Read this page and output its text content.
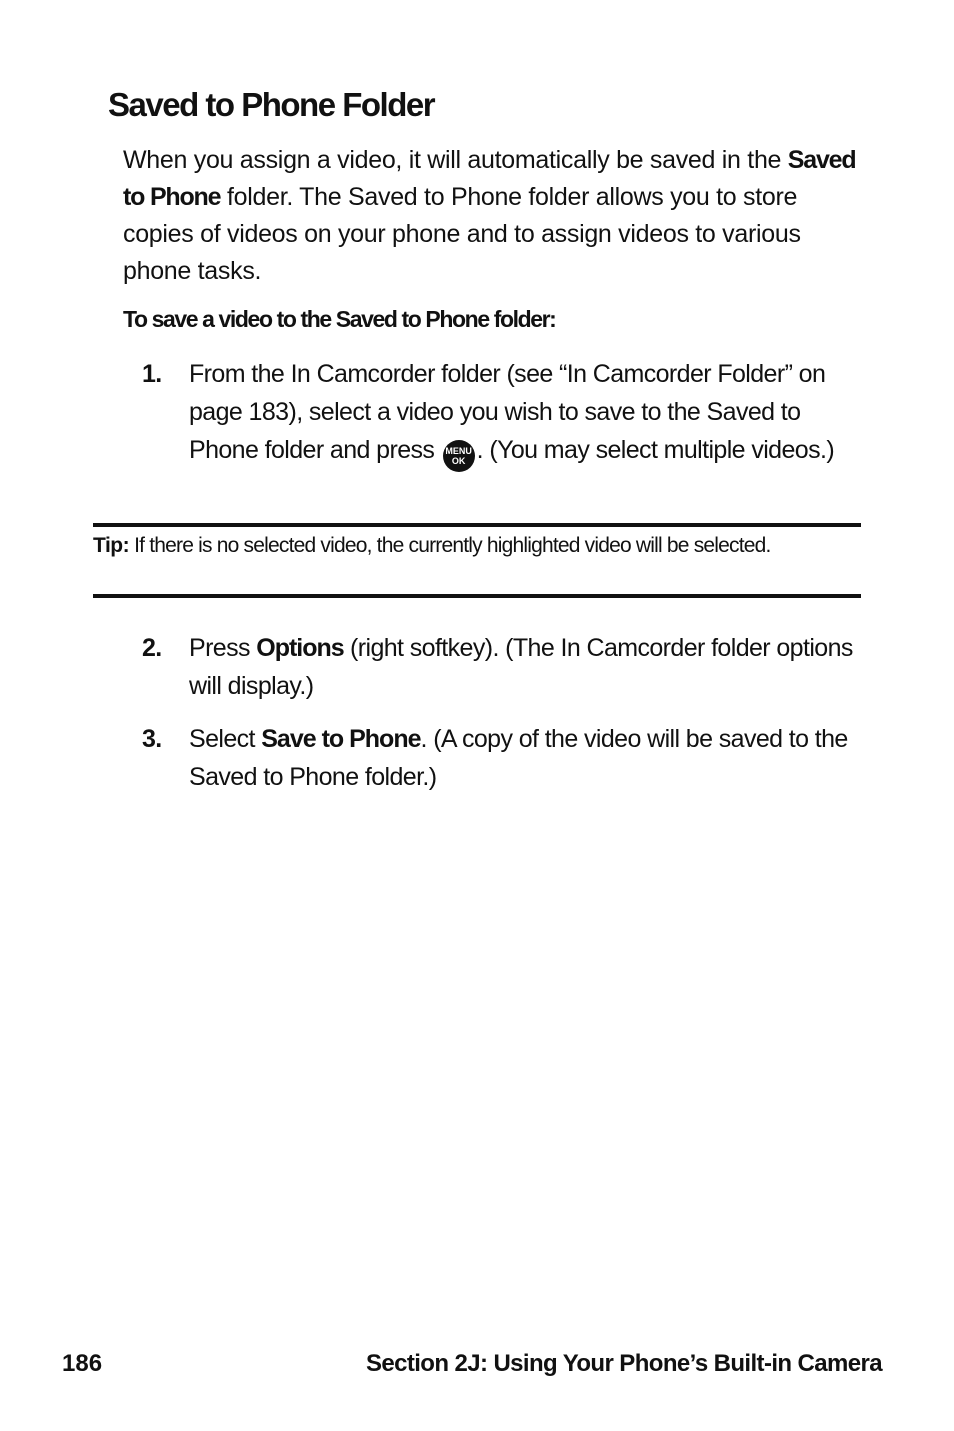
Saved to Phone Folder

When you assign a video, it will automatically be saved in the Saved to Phone folder. The Saved to Phone folder allows you to store copies of videos on your phone and to assign videos to various phone tasks.

To save a video to the Saved to Phone folder:

1. From the In Camcorder folder (see “In Camcorder Folder” on page 183), select a video you wish to save to the Saved to Phone folder and press MENU
OK . (You may select multiple videos.)

Tip: If there is no selected video, the currently highlighted video will be selected.

2. Press Options (right softkey). (The In Camcorder folder options will display.)
3. Select Save to Phone. (A copy of the video will be saved to the Saved to Phone folder.)
186	Section 2J: Using Your Phone’s Built-in Camera
